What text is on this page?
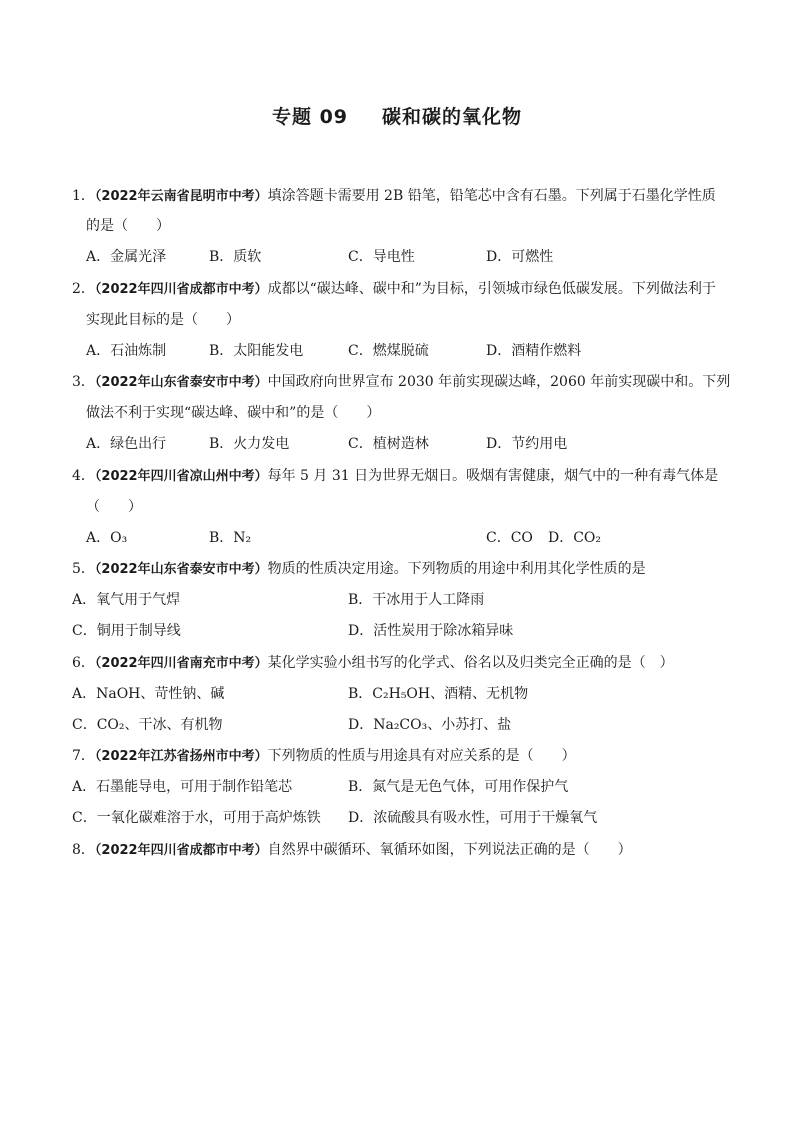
专题 09 碳和碳的氧化物
1．（2022年云南省昆明市中考）填涂答题卡需要用 2B 铅笔，铅笔芯中含有石墨。下列属于石墨化学性质
的是（　　）
A．金属光泽	B．质软	C．导电性	D．可燃性
2．（2022年四川省成都市中考）成都以“碳达峰、碳中和”为目标，引领城市绿色低碳发展。下列做法利于
实现此目标的是（　　）
A．石油炼制	B．太阳能发电	C．燃煤脱硫	D．酒精作燃料
3．（2022年山东省泰安市中考）中国政府向世界宣布 2030 年前实现碳达峰，2060 年前实现碳中和。下列
做法不利于实现“碳达峰、碳中和”的是（　　）
A．绿色出行	B．火力发电	C．植树造林	D．节约用电
4．（2022年四川省凉山州中考）每年 5 月 31 日为世界无烟日。吸烟有害健康，烟气中的一种有毒气体是
（　　）
A．O₃	B．N₂	C．CO D．CO₂
5．（2022年山东省泰安市中考）物质的性质决定用途。下列物质的用途中利用其化学性质的是
A．氧气用于气焊	B．干冰用于人工降雨
C．铜用于制导线	D．活性炭用于除冰箱异味
6．（2022年四川省南充市中考）某化学实验小组书写的化学式、俗名以及归类完全正确的是（　）
A．NaOH、苛性钠、碱	B．C₂H₅OH、酒精、无机物
C．CO₂、干冰、有机物	D．Na₂CO₃、小苏打、盐
7．（2022年江苏省扬州市中考）下列物质的性质与用途具有对应关系的是（　　）
A．石墨能导电，可用于制作铅笔芯	B．氮气是无色气体，可用作保护气
C．一氧化碳难溶于水，可用于高炉炼铁 D．浓硫酸具有吸水性，可用于干燥氧气
8．（2022年四川省成都市中考）自然界中碳循环、氧循环如图，下列说法正确的是（　　）
